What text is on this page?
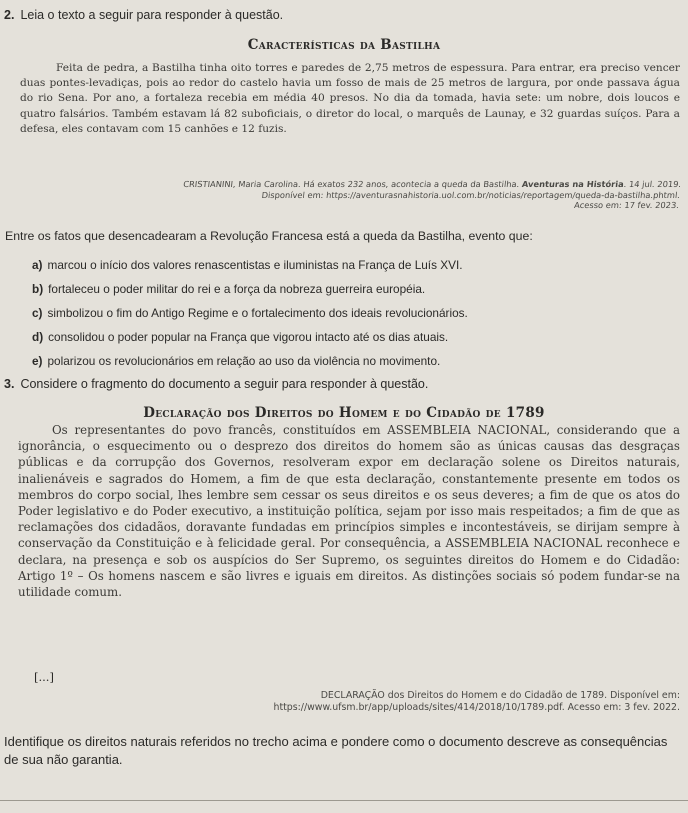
2. Leia o texto a seguir para responder à questão.
Características da Bastilha
Feita de pedra, a Bastilha tinha oito torres e paredes de 2,75 metros de espessura. Para entrar, era preciso vencer duas pontes-levadiças, pois ao redor do castelo havia um fosso de mais de 25 metros de largura, por onde passava água do rio Sena. Por ano, a fortaleza recebia em média 40 presos. No dia da tomada, havia sete: um nobre, dois loucos e quatro falsários. Também estavam lá 82 suboficiais, o diretor do local, o marquês de Launay, e 32 guardas suíços. Para a defesa, eles contavam com 15 canhões e 12 fuzis.
CRISTIANINI, Maria Carolina. Há exatos 232 anos, acontecia a queda da Bastilha. Aventuras na História. 14 jul. 2019.
Disponível em: https://aventurasnahistoria.uol.com.br/noticias/reportagem/queda-da-bastilha.phtml.
Acesso em: 17 fev. 2023.
Entre os fatos que desencadearam a Revolução Francesa está a queda da Bastilha, evento que:
a) marcou o início dos valores renascentistas e iluministas na França de Luís XVI.
b) fortaleceu o poder militar do rei e a força da nobreza guerreira européia.
c) simbolizou o fim do Antigo Regime e o fortalecimento dos ideais revolucionários.
d) consolidou o poder popular na França que vigorou intacto até os dias atuais.
e) polarizou os revolucionários em relação ao uso da violência no movimento.
3. Considere o fragmento do documento a seguir para responder à questão.
Declaração dos Direitos do Homem e do Cidadão de 1789
Os representantes do povo francês, constituídos em ASSEMBLEIA NACIONAL, considerando que a ignorância, o esquecimento ou o desprezo dos direitos do homem são as únicas causas das desgraças públicas e da corrupção dos Governos, resolveram expor em declaração solene os Direitos naturais, inalienáveis e sagrados do Homem, a fim de que esta declaração, constantemente presente em todos os membros do corpo social, lhes lembre sem cessar os seus direitos e os seus deveres; a fim de que os atos do Poder legislativo e do Poder executivo, a instituição política, sejam por isso mais respeitados; a fim de que as reclamações dos cidadãos, doravante fundadas em princípios simples e incontestáveis, se dirijam sempre à conservação da Constituição e à felicidade geral. Por consequência, a ASSEMBLEIA NACIONAL reconhece e declara, na presença e sob os auspícios do Ser Supremo, os seguintes direitos do Homem e do Cidadão: Artigo 1º – Os homens nascem e são livres e iguais em direitos. As distinções sociais só podem fundar-se na utilidade comum.
[...]
DECLARAÇÃO dos Direitos do Homem e do Cidadão de 1789. Disponível em:
https://www.ufsm.br/app/uploads/sites/414/2018/10/1789.pdf. Acesso em: 3 fev. 2022.
Identifique os direitos naturais referidos no trecho acima e pondere como o documento descreve as consequências de sua não garantia.
